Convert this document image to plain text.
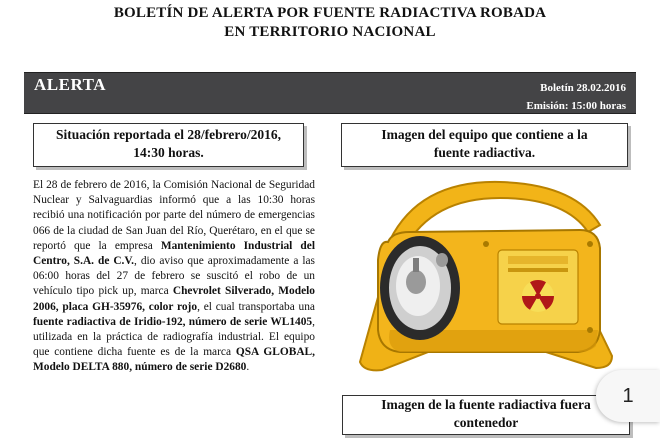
BOLETÍN DE ALERTA POR FUENTE RADIACTIVA ROBADA
EN TERRITORIO NACIONAL
ALERTA	Boletín 28.02.2016
Emisión: 15:00 horas
Situación reportada el 28/febrero/2016,
14:30 horas.
Imagen del equipo que contiene a la
fuente radiactiva.

El 28 de febrero de 2016, la Comisión Nacional de Seguridad Nuclear y Salvaguardias informó que a las 10:30 horas recibió una notificación por parte del número de emergencias 066 de la ciudad de San Juan del Río, Querétaro, en el que se reportó que la empresa Mantenimiento Industrial del Centro, S.A. de C.V., dio aviso que aproximadamente a las 06:00 horas del 27 de febrero se suscitó el robo de un vehículo tipo pick up, marca Chevrolet Silverado, Modelo 2006, placa GH-35976, color rojo, el cual transportaba una fuente radiactiva de Iridio-192, número de serie WL1405, utilizada en la práctica de radiografía industrial. El equipo que contiene dicha fuente es de la marca QSA GLOBAL, Modelo DELTA 880, número de serie D2680.

Imagen de la fuente radiactiva fuera
contenedor
1
